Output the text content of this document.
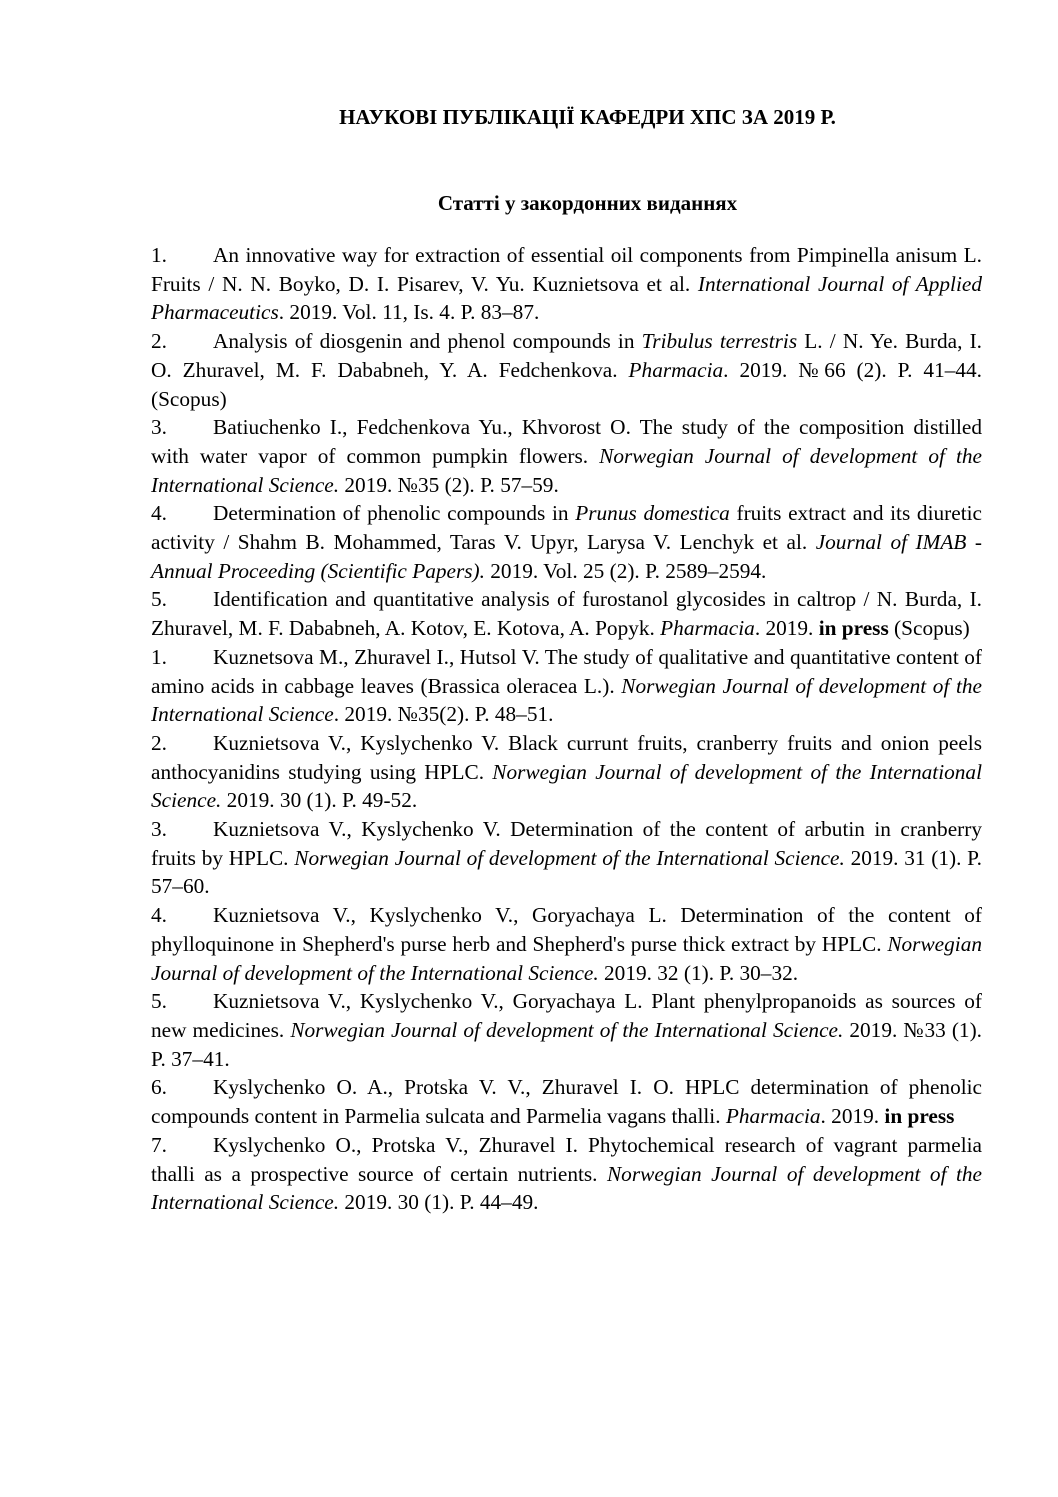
НАУКОВІ ПУБЛІКАЦІЇ КАФЕДРИ ХПС ЗА 2019 Р.

Статті у закордонних виданнях

1. An innovative way for extraction of essential oil components from Pimpinella anisum L. Fruits / N. N. Boyko, D. I. Pisarev, V. Yu. Kuznietsova et al. International Journal of Applied Pharmaceutics. 2019. Vol. 11, Is. 4. P. 83–87.
2. Analysis of diosgenin and phenol compounds in Tribulus terrestris L. / N. Ye. Burda, I. O. Zhuravel, M. F. Dababneh, Y. A. Fedchenkova. Pharmacia. 2019. №66 (2). P. 41–44. (Scopus)
3. Batiuchenko I., Fedchenkova Yu., Khvorost O. The study of the composition distilled with water vapor of common pumpkin flowers. Norwegian Journal of development of the International Science. 2019. №35 (2). P. 57–59.
4. Determination of phenolic compounds in Prunus domestica fruits extract and its diuretic activity / Shahm B. Mohammed, Taras V. Upyr, Larysa V. Lenchyk et al. Journal of IMAB - Annual Proceeding (Scientific Papers). 2019. Vol. 25 (2). P. 2589–2594.
5. Identification and quantitative analysis of furostanol glycosides in caltrop / N. Burda, I. Zhuravel, M. F. Dababneh, A. Kotov, E. Kotova, A. Popyk. Pharmacia. 2019. in press (Scopus)
1. Kuznetsova M., Zhuravel I., Hutsol V. The study of qualitative and quantitative content of amino acids in cabbage leaves (Brassica oleracea L.). Norwegian Journal of development of the International Science. 2019. №35(2). P. 48–51.
2. Kuznietsova V., Kyslychenko V. Black currunt fruits, cranberry fruits and onion peels anthocyanidins studying using HPLC. Norwegian Journal of development of the International Science. 2019. 30 (1). P. 49-52.
3. Kuznietsova V., Kyslychenko V. Determination of the content of arbutin in cranberry fruits by HPLC. Norwegian Journal of development of the International Science. 2019. 31 (1). P. 57–60.
4. Kuznietsova V., Kyslychenko V., Goryachaya L. Determination of the content of phylloquinone in Shepherd's purse herb and Shepherd's purse thick extract by HPLC. Norwegian Journal of development of the International Science. 2019. 32 (1). P. 30–32.
5. Kuznietsova V., Kyslychenko V., Goryachaya L. Plant phenylpropanoids as sources of new medicines. Norwegian Journal of development of the International Science. 2019. №33 (1). P. 37–41.
6. Kyslychenko O. A., Protska V. V., Zhuravel I. O. HPLC determination of phenolic compounds content in Parmelia sulcata and Parmelia vagans thalli. Pharmacia. 2019. in press
7. Kyslychenko O., Protska V., Zhuravel I. Phytochemical research of vagrant parmelia thalli as a prospective source of certain nutrients. Norwegian Journal of development of the International Science. 2019. 30 (1). P. 44–49.
